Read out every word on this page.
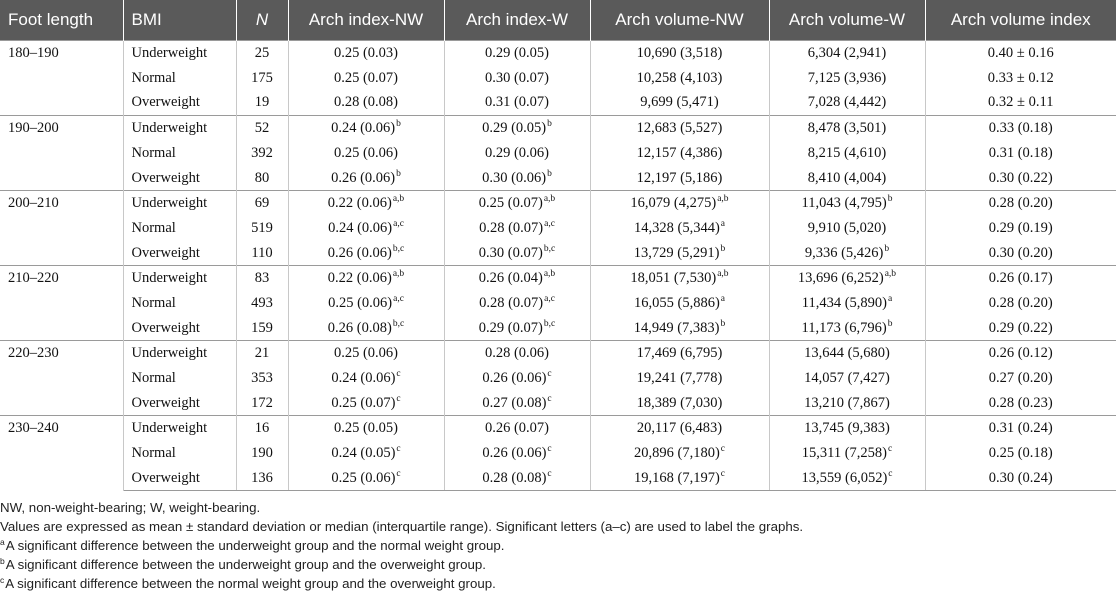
Foot length	BMI	N	Arch index-NW	Arch index-W	Arch volume-NW	Arch volume-W	Arch volume index
180–190	Underweight	25	0.25 (0.03)	0.29 (0.05)	10,690 (3,518)	6,304 (2,941)	0.40 ± 0.16
	Normal	175	0.25 (0.07)	0.30 (0.07)	10,258 (4,103)	7,125 (3,936)	0.33 ± 0.12
	Overweight	19	0.28 (0.08)	0.31 (0.07)	9,699 (5,471)	7,028 (4,442)	0.32 ± 0.11
190–200	Underweight	52	0.24 $(0.06)^b$	0.29 $(0.05)^b$	12,683 (5,527)	8,478 (3,501)	0.33 (0.18)
	Normal	392	0.25 (0.06)	0.29 (0.06)	12,157 (4,386)	8,215 (4,610)	0.31 (0.18)
	Overweight	80	0.26 $(0.06)^b$	0.30 $(0.06)^b$	12,197 (5,186)	8,410 (4,004)	0.30 (0.22)
200–210	Underweight	69	0.22 $(0.06)^{a,b}$	0.25 $(0.07)^{a,b}$	16,079 $(4,275)^{a,b}$	11,043 $(4,795)^b$	0.28 (0.20)
	Normal	519	0.24 $(0.06)^{a,c}$	0.28 $(0.07)^{a,c}$	14,328 $(5,344)^a$	9,910 (5,020)	0.29 (0.19)
	Overweight	110	0.26 $(0.06)^{b,c}$	0.30 $(0.07)^{b,c}$	13,729 $(5,291)^b$	9,336 $(5,426)^b$	0.30 (0.20)
210–220	Underweight	83	0.22 $(0.06)^{a,b}$	0.26 $(0.04)^{a,b}$	18,051 $(7,530)^{a,b}$	13,696 $(6,252)^{a,b}$	0.26 (0.17)
	Normal	493	0.25 $(0.06)^{a,c}$	0.28 $(0.07)^{a,c}$	16,055 $(5,886)^a$	11,434 $(5,890)^a$	0.28 (0.20)
	Overweight	159	0.26 $(0.08)^{b,c}$	0.29 $(0.07)^{b,c}$	14,949 $(7,383)^b$	11,173 $(6,796)^b$	0.29 (0.22)
220–230	Underweight	21	0.25 (0.06)	0.28 (0.06)	17,469 (6,795)	13,644 (5,680)	0.26 (0.12)
	Normal	353	0.24 $(0.06)^c$	0.26 $(0.06)^c$	19,241 (7,778)	14,057 (7,427)	0.27 (0.20)
	Overweight	172	0.25 $(0.07)^c$	0.27 $(0.08)^c$	18,389 (7,030)	13,210 (7,867)	0.28 (0.23)
230–240	Underweight	16	0.25 (0.05)	0.26 (0.07)	20,117 (6,483)	13,745 (9,383)	0.31 (0.24)
	Normal	190	0.24 $(0.05)^c$	0.26 $(0.06)^c$	20,896 $(7,180)^c$	15,311 $(7,258)^c$	0.25 (0.18)
	Overweight	136	0.25 $(0.06)^c$	0.28 $(0.08)^c$	19,168 $(7,197)^c$	13,559 $(6,052)^c$	0.30 (0.24)

NW, non-weight-bearing; W, weight-bearing.

Values are expressed as mean ± standard deviation or median (interquartile range). Significant letters (a–c) are used to label the graphs.

$^a$A significant difference between the underweight group and the normal weight group.

$^b$A significant difference between the underweight group and the overweight group.

$^c$A significant difference between the normal weight group and the overweight group.
